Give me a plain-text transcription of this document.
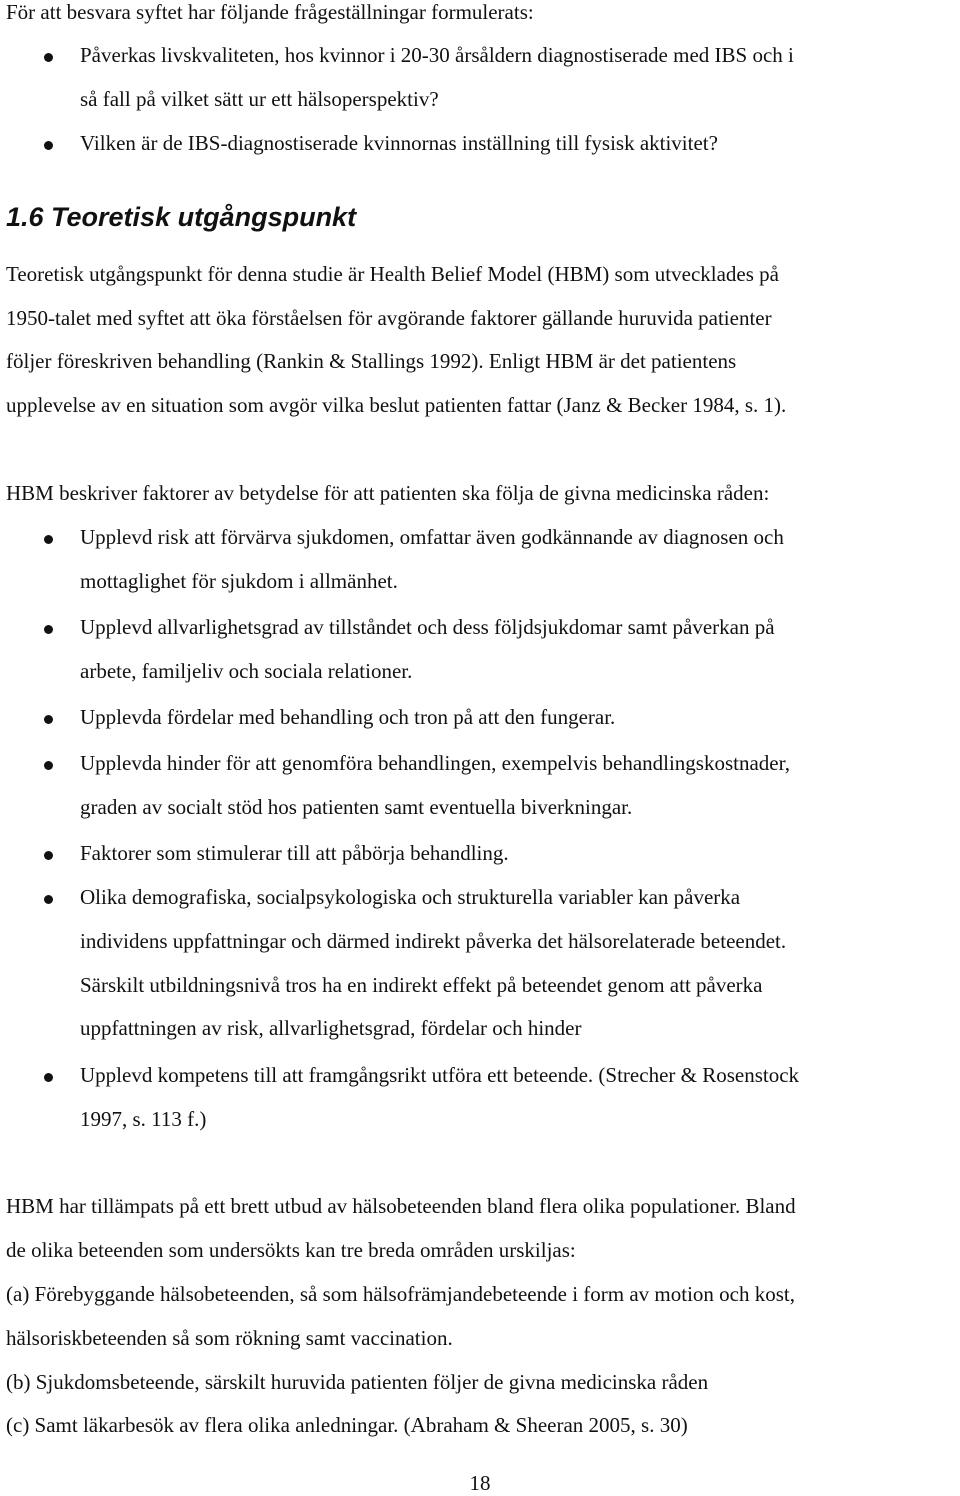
För att besvara syftet har följande frågeställningar formulerats:
Påverkas livskvaliteten, hos kvinnor i 20-30 årsåldern diagnostiserade med IBS och i
så fall på vilket sätt ur ett hälsoperspektiv?
Vilken är de IBS-diagnostiserade kvinnornas inställning till fysisk aktivitet?
1.6 Teoretisk utgångspunkt
Teoretisk utgångspunkt för denna studie är Health Belief Model (HBM) som utvecklades på
1950-talet med syftet att öka förståelsen för avgörande faktorer gällande huruvida patienter
följer föreskriven behandling (Rankin & Stallings 1992). Enligt HBM är det patientens
upplevelse av en situation som avgör vilka beslut patienten fattar (Janz & Becker 1984, s. 1).
HBM beskriver faktorer av betydelse för att patienten ska följa de givna medicinska råden:
Upplevd risk att förvärva sjukdomen, omfattar även godkännande av diagnosen och
mottaglighet för sjukdom i allmänhet.
Upplevd allvarlighetsgrad av tillståndet och dess följdsjukdomar samt påverkan på
arbete, familjeliv och sociala relationer.
Upplevda fördelar med behandling och tron på att den fungerar.
Upplevda hinder för att genomföra behandlingen, exempelvis behandlingskostnader,
graden av socialt stöd hos patienten samt eventuella biverkningar.
Faktorer som stimulerar till att påbörja behandling.
Olika demografiska, socialpsykologiska och strukturella variabler kan påverka
individens uppfattningar och därmed indirekt påverka det hälsorelaterade beteendet.
Särskilt utbildningsnivå tros ha en indirekt effekt på beteendet genom att påverka
uppfattningen av risk, allvarlighetsgrad, fördelar och hinder
Upplevd kompetens till att framgångsrikt utföra ett beteende. (Strecher & Rosenstock
1997, s. 113 f.)
HBM har tillämpats på ett brett utbud av hälsobeteenden bland flera olika populationer. Bland
de olika beteenden som undersökts kan tre breda områden urskiljas:
(a) Förebyggande hälsobeteenden, så som hälsofrämjandebeteende i form av motion och kost,
hälsoriskbeteenden så som rökning samt vaccination.
(b) Sjukdomsbeteende, särskilt huruvida patienten följer de givna medicinska råden
(c) Samt läkarbesök av flera olika anledningar. (Abraham & Sheeran 2005, s. 30)
18
